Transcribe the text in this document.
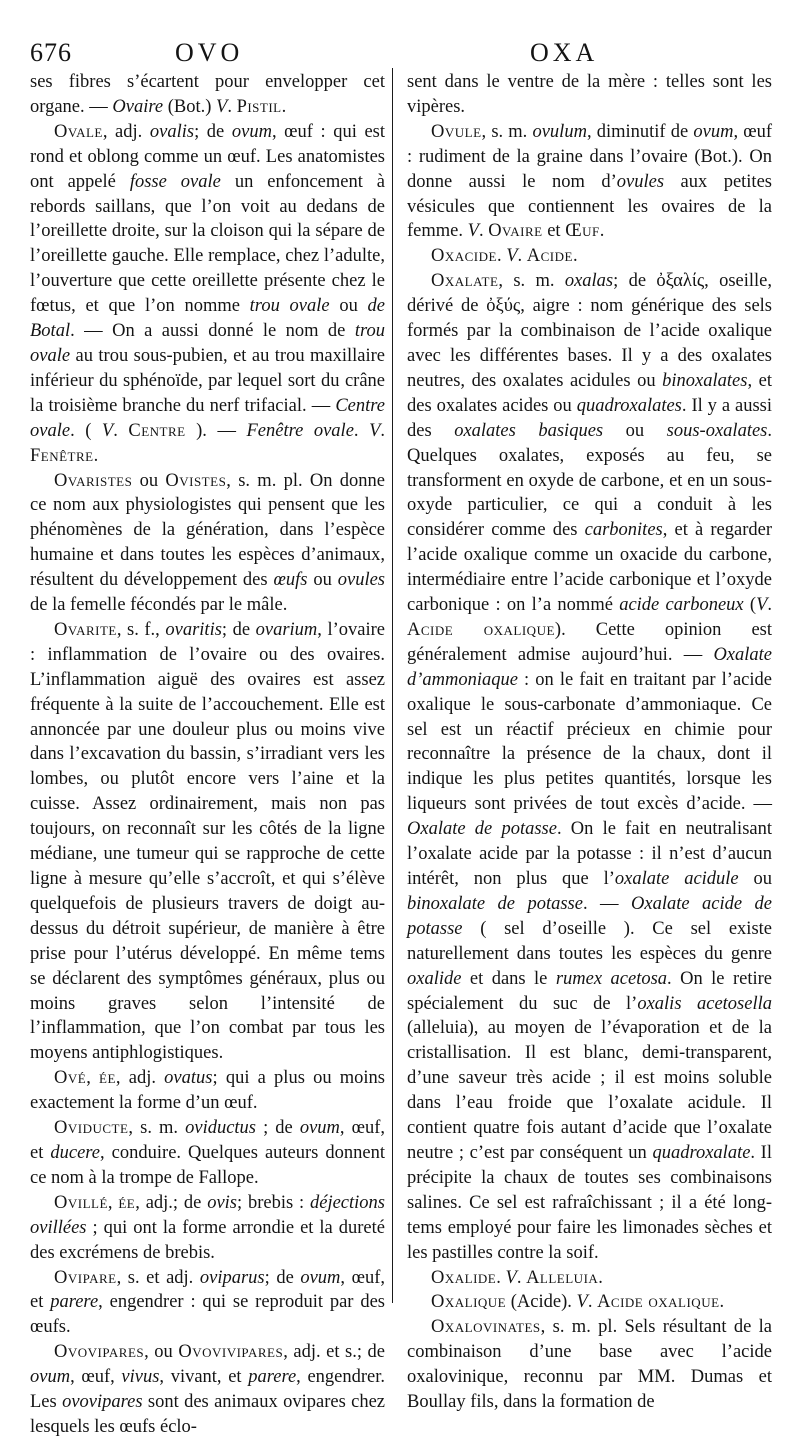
676	OVO	OXA

ses fibres s’écartent pour envelopper cet organe. — Ovaire (Bot.) V. Pistil.

Ovale, adj. ovalis; de ovum, œuf : qui est rond et oblong comme un œuf. Les anatomistes ont appelé fosse ovale un enfoncement à rebords saillans, que l’on voit au dedans de l’oreillette droite, sur la cloison qui la sépare de l’oreillette gauche. Elle remplace, chez l’adulte, l’ouverture que cette oreillette présente chez le fœtus, et que l’on nomme trou ovale ou de Botal. — On a aussi donné le nom de trou ovale au trou sous-pubien, et au trou maxillaire inférieur du sphénoïde, par lequel sort du crâne la troisième branche du nerf trifacial. — Centre ovale. ( V. Centre ). — Fenêtre ovale. V. Fenêtre.

Ovaristes ou Ovistes, s. m. pl. On donne ce nom aux physiologistes qui pensent que les phénomènes de la génération, dans l’espèce humaine et dans toutes les espèces d’animaux, résultent du développement des œufs ou ovules de la femelle fécondés par le mâle.

Ovarite, s. f., ovaritis; de ovarium, l’ovaire : inflammation de l’ovaire ou des ovaires. L’inflammation aiguë des ovaires est assez fréquente à la suite de l’accouchement. Elle est annoncée par une douleur plus ou moins vive dans l’excavation du bassin, s’irradiant vers les lombes, ou plutôt encore vers l’aine et la cuisse. Assez ordinairement, mais non pas toujours, on reconnaît sur les côtés de la ligne médiane, une tumeur qui se rapproche de cette ligne à mesure qu’elle s’accroît, et qui s’élève quelquefois de plusieurs travers de doigt au-dessus du détroit supérieur, de manière à être prise pour l’utérus développé. En même tems se déclarent des symptômes généraux, plus ou moins graves selon l’intensité de l’inflammation, que l’on combat par tous les moyens antiphlogistiques.

Ové, ée, adj. ovatus; qui a plus ou moins exactement la forme d’un œuf.

Oviducte, s. m. oviductus ; de ovum, œuf, et ducere, conduire. Quelques auteurs donnent ce nom à la trompe de Fallope.

Ovillé, ée, adj.; de ovis; brebis : déjections ovillées ; qui ont la forme arrondie et la dureté des excrémens de brebis.

Ovipare, s. et adj. oviparus; de ovum, œuf, et parere, engendrer : qui se reproduit par des œufs.

Ovovipares, ou Ovovivipares, adj. et s.; de ovum, œuf, vivus, vivant, et parere, engendrer. Les ovovipares sont des animaux ovipares chez lesquels les œufs éclo-

sent dans le ventre de la mère : telles sont les vipères.

Ovule, s. m. ovulum, diminutif de ovum, œuf : rudiment de la graine dans l’ovaire (Bot.). On donne aussi le nom d’ovules aux petites vésicules que contiennent les ovaires de la femme. V. Ovaire et Œuf.

Oxacide. V. Acide.

Oxalate, s. m. oxalas; de ὀξαλίς, oseille, dérivé de ὀξύς, aigre : nom générique des sels formés par la combinaison de l’acide oxalique avec les différentes bases. Il y a des oxalates neutres, des oxalates acidules ou binoxalates, et des oxalates acides ou quadroxalates. Il y a aussi des oxalates basiques ou sous-oxalates. Quelques oxalates, exposés au feu, se transforment en oxyde de carbone, et en un sous-oxyde particulier, ce qui a conduit à les considérer comme des carbonites, et à regarder l’acide oxalique comme un oxacide du carbone, intermédiaire entre l’acide carbonique et l’oxyde carbonique : on l’a nommé acide carboneux (V. Acide oxalique). Cette opinion est généralement admise aujourd’hui. — Oxalate d’ammoniaque : on le fait en traitant par l’acide oxalique le sous-carbonate d’ammoniaque. Ce sel est un réactif précieux en chimie pour reconnaître la présence de la chaux, dont il indique les plus petites quantités, lorsque les liqueurs sont privées de tout excès d’acide. — Oxalate de potasse. On le fait en neutralisant l’oxalate acide par la potasse : il n’est d’aucun intérêt, non plus que l’oxalate acidule ou binoxalate de potasse. — Oxalate acide de potasse ( sel d’oseille ). Ce sel existe naturellement dans toutes les espèces du genre oxalide et dans le rumex acetosa. On le retire spécialement du suc de l’oxalis acetosella (alleluia), au moyen de l’évaporation et de la cristallisation. Il est blanc, demi-transparent, d’une saveur très acide ; il est moins soluble dans l’eau froide que l’oxalate acidule. Il contient quatre fois autant d’acide que l’oxalate neutre ; c’est par conséquent un quadroxalate. Il précipite la chaux de toutes ses combinaisons salines. Ce sel est rafraîchissant ; il a été long-tems employé pour faire les limonades sèches et les pastilles contre la soif.

Oxalide. V. Alleluia.

Oxalique (Acide). V. Acide oxalique.

Oxalovinates, s. m. pl. Sels résultant de la combinaison d’une base avec l’acide oxalovinique, reconnu par MM. Dumas et Boullay fils, dans la formation de
